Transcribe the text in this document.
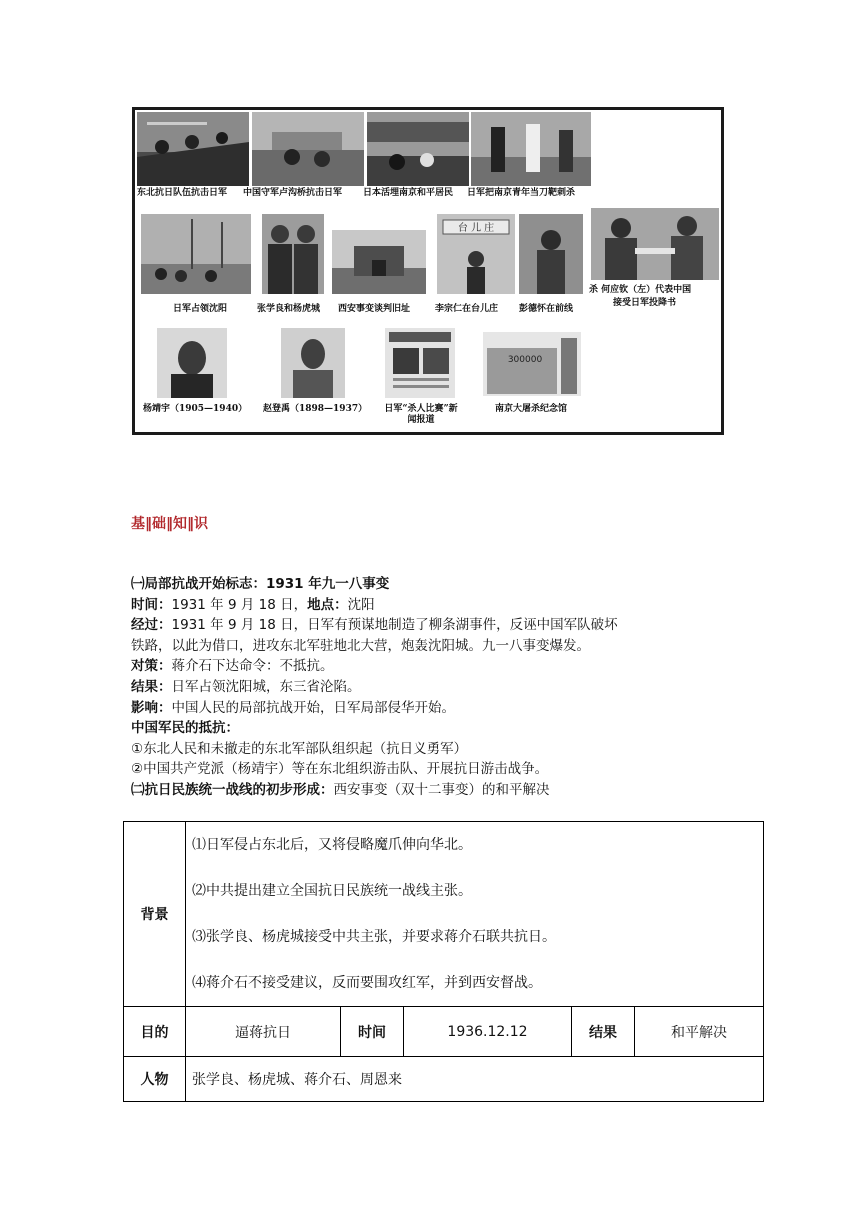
东北抗日队伍抗击日军 中国守军卢沟桥抗击日军 日本活埋南京和平居民 日军把南京青年当刀靶刺杀
台 儿 庄
日军占领沈阳	张学良和杨虎城 西安事变谈判旧址	李宗仁在台儿庄 彭德怀在前线
杀 何应钦（左）代表中国
接受日军投降书
300000
杨靖宇（1905—1940） 赵登禹（1898—1937） 日军“杀人比赛”新闻报道
南京大屠杀纪念馆
基‖础‖知‖识

㈠局部抗战开始标志：1931 年九一八事变

时间：1931 年 9 月 18 日，地点：沈阳

经过：1931 年 9 月 18 日，日军有预谋地制造了柳条湖事件，反诬中国军队破坏

铁路，以此为借口，进攻东北军驻地北大营，炮轰沈阳城。九一八事变爆发。

对策：蒋介石下达命令：不抵抗。

结果：日军占领沈阳城，东三省沦陷。

影响：中国人民的局部抗战开始，日军局部侵华开始。

中国军民的抵抗：

①东北人民和未撤走的东北军部队组织起（抗日义勇军）

②中国共产党派（杨靖宇）等在东北组织游击队、开展抗日游击战争。

㈡抗日民族统一战线的初步形成：西安事变（双十二事变）的和平解决

背景	⑴日军侵占东北后，又将侵略魔爪伸向华北。
⑵中共提出建立全国抗日民族统一战线主张。
⑶张学良、杨虎城接受中共主张，并要求蒋介石联共抗日。
⑷蒋介石不接受建议，反而要围攻红军，并到西安督战。				

目的	逼蒋抗日	时间	1936.12.12	结果	和平解决
人物	张学良、杨虎城、蒋介石、周恩来				
